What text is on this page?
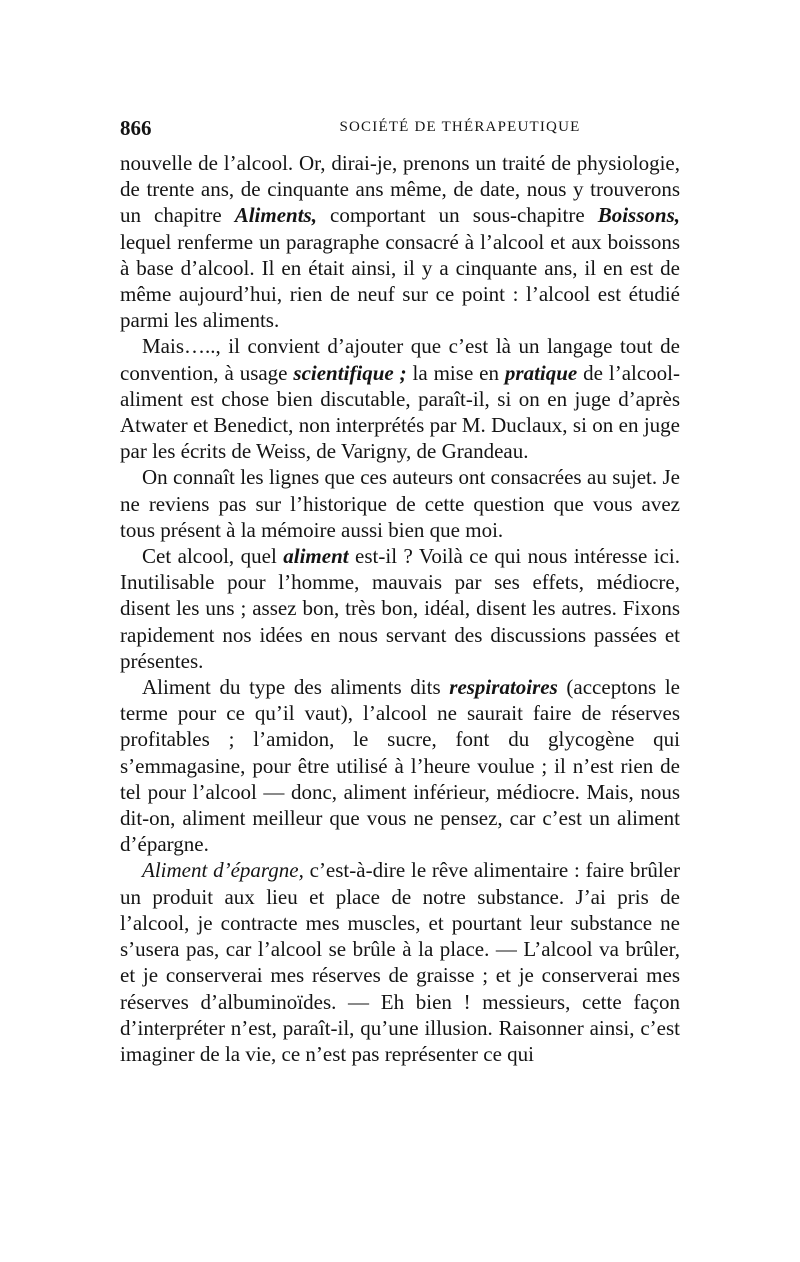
866	SOCIÉTÉ DE THÉRAPEUTIQUE

nouvelle de l’alcool. Or, dirai-je, prenons un traité de physiologie, de trente ans, de cinquante ans même, de date, nous y trouverons un chapitre Aliments, comportant un sous-chapitre Boissons, lequel renferme un paragraphe consacré à l’alcool et aux boissons à base d’alcool. Il en était ainsi, il y a cinquante ans, il en est de même aujourd’hui, rien de neuf sur ce point : l’alcool est étudié parmi les aliments.

Mais….., il convient d’ajouter que c’est là un langage tout de convention, à usage scientifique ; la mise en pratique de l’alcool-aliment est chose bien discutable, paraît-il, si on en juge d’après Atwater et Benedict, non interprétés par M. Duclaux, si on en juge par les écrits de Weiss, de Varigny, de Grandeau.

On connaît les lignes que ces auteurs ont consacrées au sujet. Je ne reviens pas sur l’historique de cette question que vous avez tous présent à la mémoire aussi bien que moi.

Cet alcool, quel aliment est-il ? Voilà ce qui nous intéresse ici. Inutilisable pour l’homme, mauvais par ses effets, médiocre, disent les uns ; assez bon, très bon, idéal, disent les autres. Fixons rapidement nos idées en nous servant des discussions passées et présentes.

Aliment du type des aliments dits respiratoires (acceptons le terme pour ce qu’il vaut), l’alcool ne saurait faire de réserves profitables ; l’amidon, le sucre, font du glycogène qui s’emmagasine, pour être utilisé à l’heure voulue ; il n’est rien de tel pour l’alcool — donc, aliment inférieur, médiocre. Mais, nous dit-on, aliment meilleur que vous ne pensez, car c’est un aliment d’épargne.

Aliment d’épargne, c’est-à-dire le rêve alimentaire : faire brûler un produit aux lieu et place de notre substance. J’ai pris de l’alcool, je contracte mes muscles, et pourtant leur substance ne s’usera pas, car l’alcool se brûle à la place. — L’alcool va brûler, et je conserverai mes réserves de graisse ; et je conserverai mes réserves d’albuminoïdes. — Eh bien ! messieurs, cette façon d’interpréter n’est, paraît-il, qu’une illusion. Raisonner ainsi, c’est imaginer de la vie, ce n’est pas représenter ce qui
